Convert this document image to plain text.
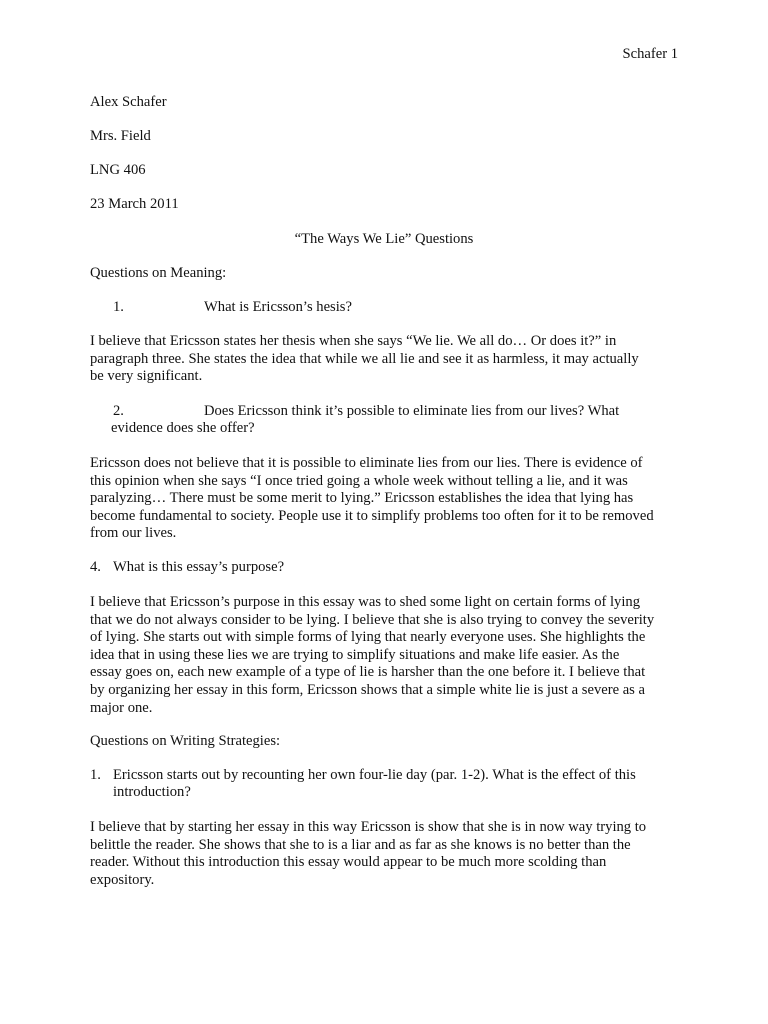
Schafer 1
Alex Schafer
Mrs. Field
LNG 406
23 March 2011
“The Ways We Lie” Questions
Questions on Meaning:
1.	What is Ericsson’s hesis?
I believe that Ericsson states her thesis when she says “We lie. We all do… Or does it?” in
paragraph three. She states the idea that while we all lie and see it as harmless, it may actually
be very significant.
2.	Does Ericsson think it’s possible to eliminate lies from our lives? What
evidence does she offer?
Ericsson does not believe that it is possible to eliminate lies from our lies. There is evidence of
this opinion when she says “I once tried going a whole week without telling a lie, and it was
paralyzing… There must be some merit to lying.” Ericsson establishes the idea that lying has
become fundamental to society. People use it to simplify problems too often for it to be removed
from our lives.
4. What is this essay’s purpose?
I believe that Ericsson’s purpose in this essay was to shed some light on certain forms of lying
that we do not always consider to be lying. I believe that she is also trying to convey the severity
of lying. She starts out with simple forms of lying that nearly everyone uses. She highlights the
idea that in using these lies we are trying to simplify situations and make life easier. As the
essay goes on, each new example of a type of lie is harsher than the one before it. I believe that
by organizing her essay in this form, Ericsson shows that a simple white lie is just a severe as a
major one.
Questions on Writing Strategies:
1. Ericsson starts out by recounting her own four-lie day (par. 1-2). What is the effect of this
introduction?
I believe that by starting her essay in this way Ericsson is show that she is in now way trying to
belittle the reader. She shows that she to is a liar and as far as she knows is no better than the
reader. Without this introduction this essay would appear to be much more scolding than
expository.
